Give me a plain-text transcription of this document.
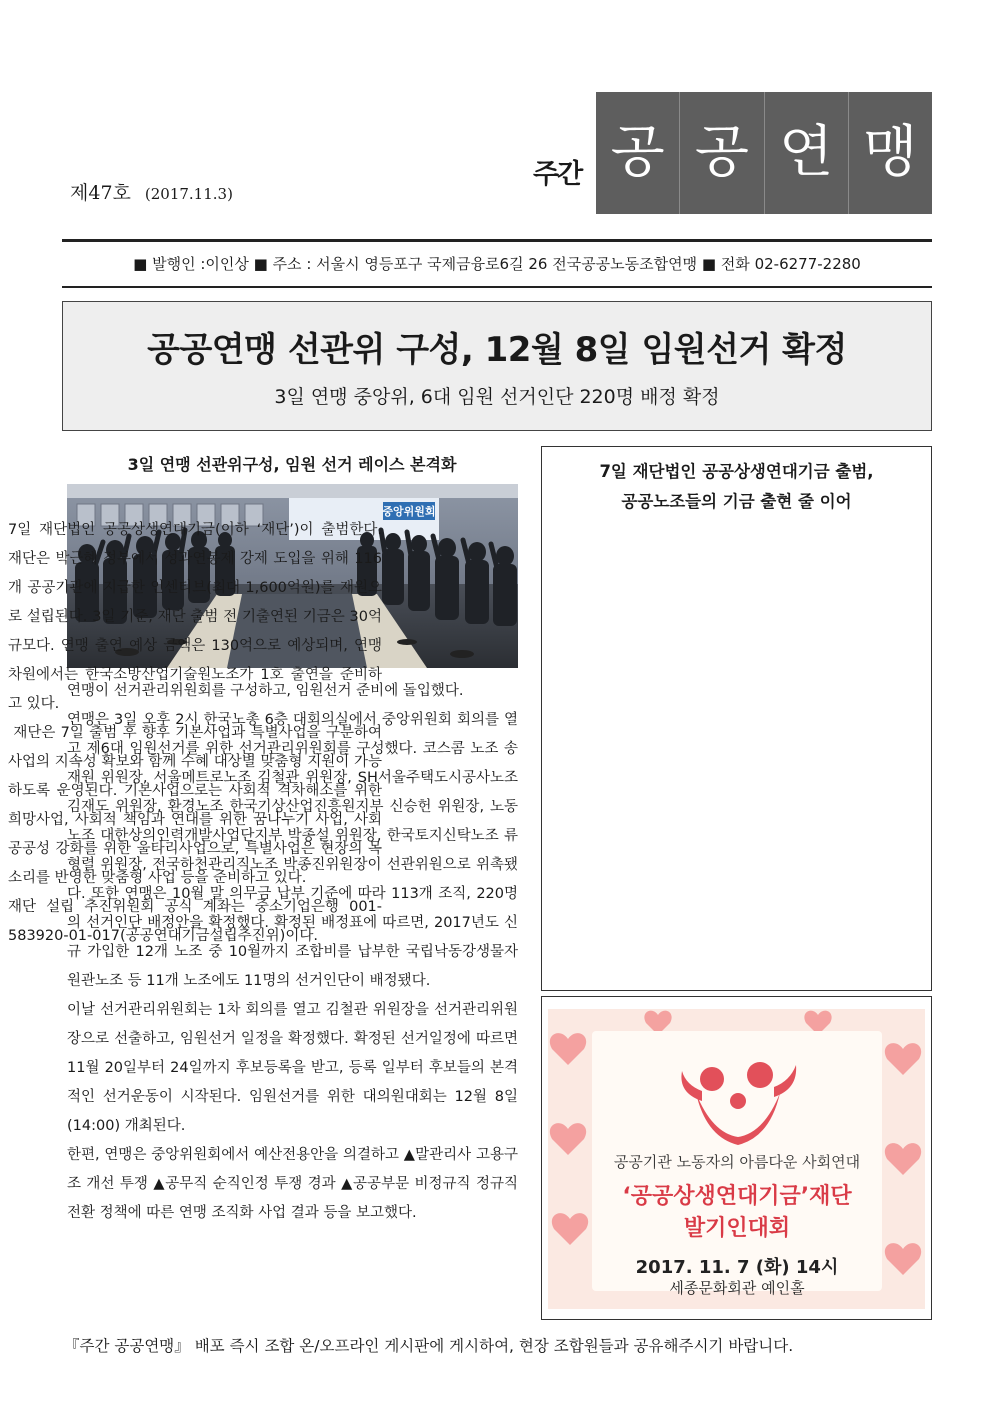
제47호 (2017.11.3)
주간 공 공 연 맹
■ 발행인 :이인상 ■ 주소 : 서울시 영등포구 국제금융로6길 26 전국공공노동조합연맹 ■ 전화 02-6277-2280
공공연맹 선관위 구성, 12월 8일 임원선거 확정
3일 연맹 중앙위, 6대 임원 선거인단 220명 배정 확정
3일 연맹 선관위구성, 임원 선거 레이스 본격화
중앙위원회

연맹이 선거관리위원회를 구성하고, 임원선거 준비에 돌입했다.

연맹은 3일 오후 2시 한국노총 6층 대회의실에서 중앙위원회 회의를 열고 제6대 임원선거를 위한 선거관리위원회를 구성했다. 코스콤 노조 송재원 위원장, 서울메트로노조 김철관 위원장, SH서울주택도시공사노조 김재도 위원장, 환경노조 한국기상산업진흥원지부 신승헌 위원장, 노동노조 대한상의인력개발사업단지부 박종설 위원장, 한국토지신탁노조 류형렬 위원장, 전국하천관리직노조 박종진위원장이 선관위원으로 위촉됐다. 또한 연맹은 10월 말 의무금 납부 기준에 따라 113개 조직, 220명의 선거인단 배정안을 확정했다. 확정된 배정표에 따르면, 2017년도 신규 가입한 12개 노조 중 10월까지 조합비를 납부한 국립낙동강생물자원관노조 등 11개 노조에도 11명의 선거인단이 배정됐다.

이날 선거관리위원회는 1차 회의를 열고 김철관 위원장을 선거관리위원장으로 선출하고, 임원선거 일정을 확정했다. 확정된 선거일정에 따르면 11월 20일부터 24일까지 후보등록을 받고, 등록 일부터 후보들의 본격적인 선거운동이 시작된다. 임원선거를 위한 대의원대회는 12월 8일(14:00) 개최된다.

한편, 연맹은 중앙위원회에서 예산전용안을 의결하고 ▲말관리사 고용구조 개선 투쟁 ▲공무직 순직인정 투쟁 경과 ▲공공부문 비정규직 정규직 전환 정책에 따른 연맹 조직화 사업 결과 등을 보고했다.

7일 재단법인 공공상생연대기금 출범,
공공노조들의 기금 출현 줄 이어

7일 재단법인 공공상생연대기금(이하 ‘재단’)이 출범한다. 재단은 박근혜 정부에서 성과연봉제 강제 도입을 위해 116개 공공기관에 지급한 인센티브(최대 1,600억원)를 재원으로 설립된다. 3일 기준, 재단 출범 전 기출연된 기금은 30억 규모다. 연맹 출연 예상 금액은 130억으로 예상되며, 연맹 차원에서는 한국소방산업기술원노조가 1호 출연을 준비하고 있다.

재단은 7일 출범 후 향후 기본사업과 특별사업을 구분하여 사업의 지속성 확보와 함께 수혜 대상별 맞춤형 지원이 가능하도록 운영된다. 기본사업으로는 사회적 격차해소를 위한 희망사업, 사회적 책임과 연대를 위한 꿈나누기 사업, 사회공공성 강화를 위한 울타리사업으로, 특별사업은 현장의 목소리를 반영한 맞춤형 사업 등을 준비하고 있다.

재단 설립 추진위원회 공식 계좌는 중소기업은행 001-583920-01-017(공공연대기금설립추진위)이다.

공공기관 노동자의 아름다운 사회연대
‘공공상생연대기금’재단
발기인대회
2017. 11. 7 (화) 14시
세종문화회관 예인홀
『주간 공공연맹』 배포 즉시 조합 온/오프라인 게시판에 게시하여, 현장 조합원들과 공유해주시기 바랍니다.
